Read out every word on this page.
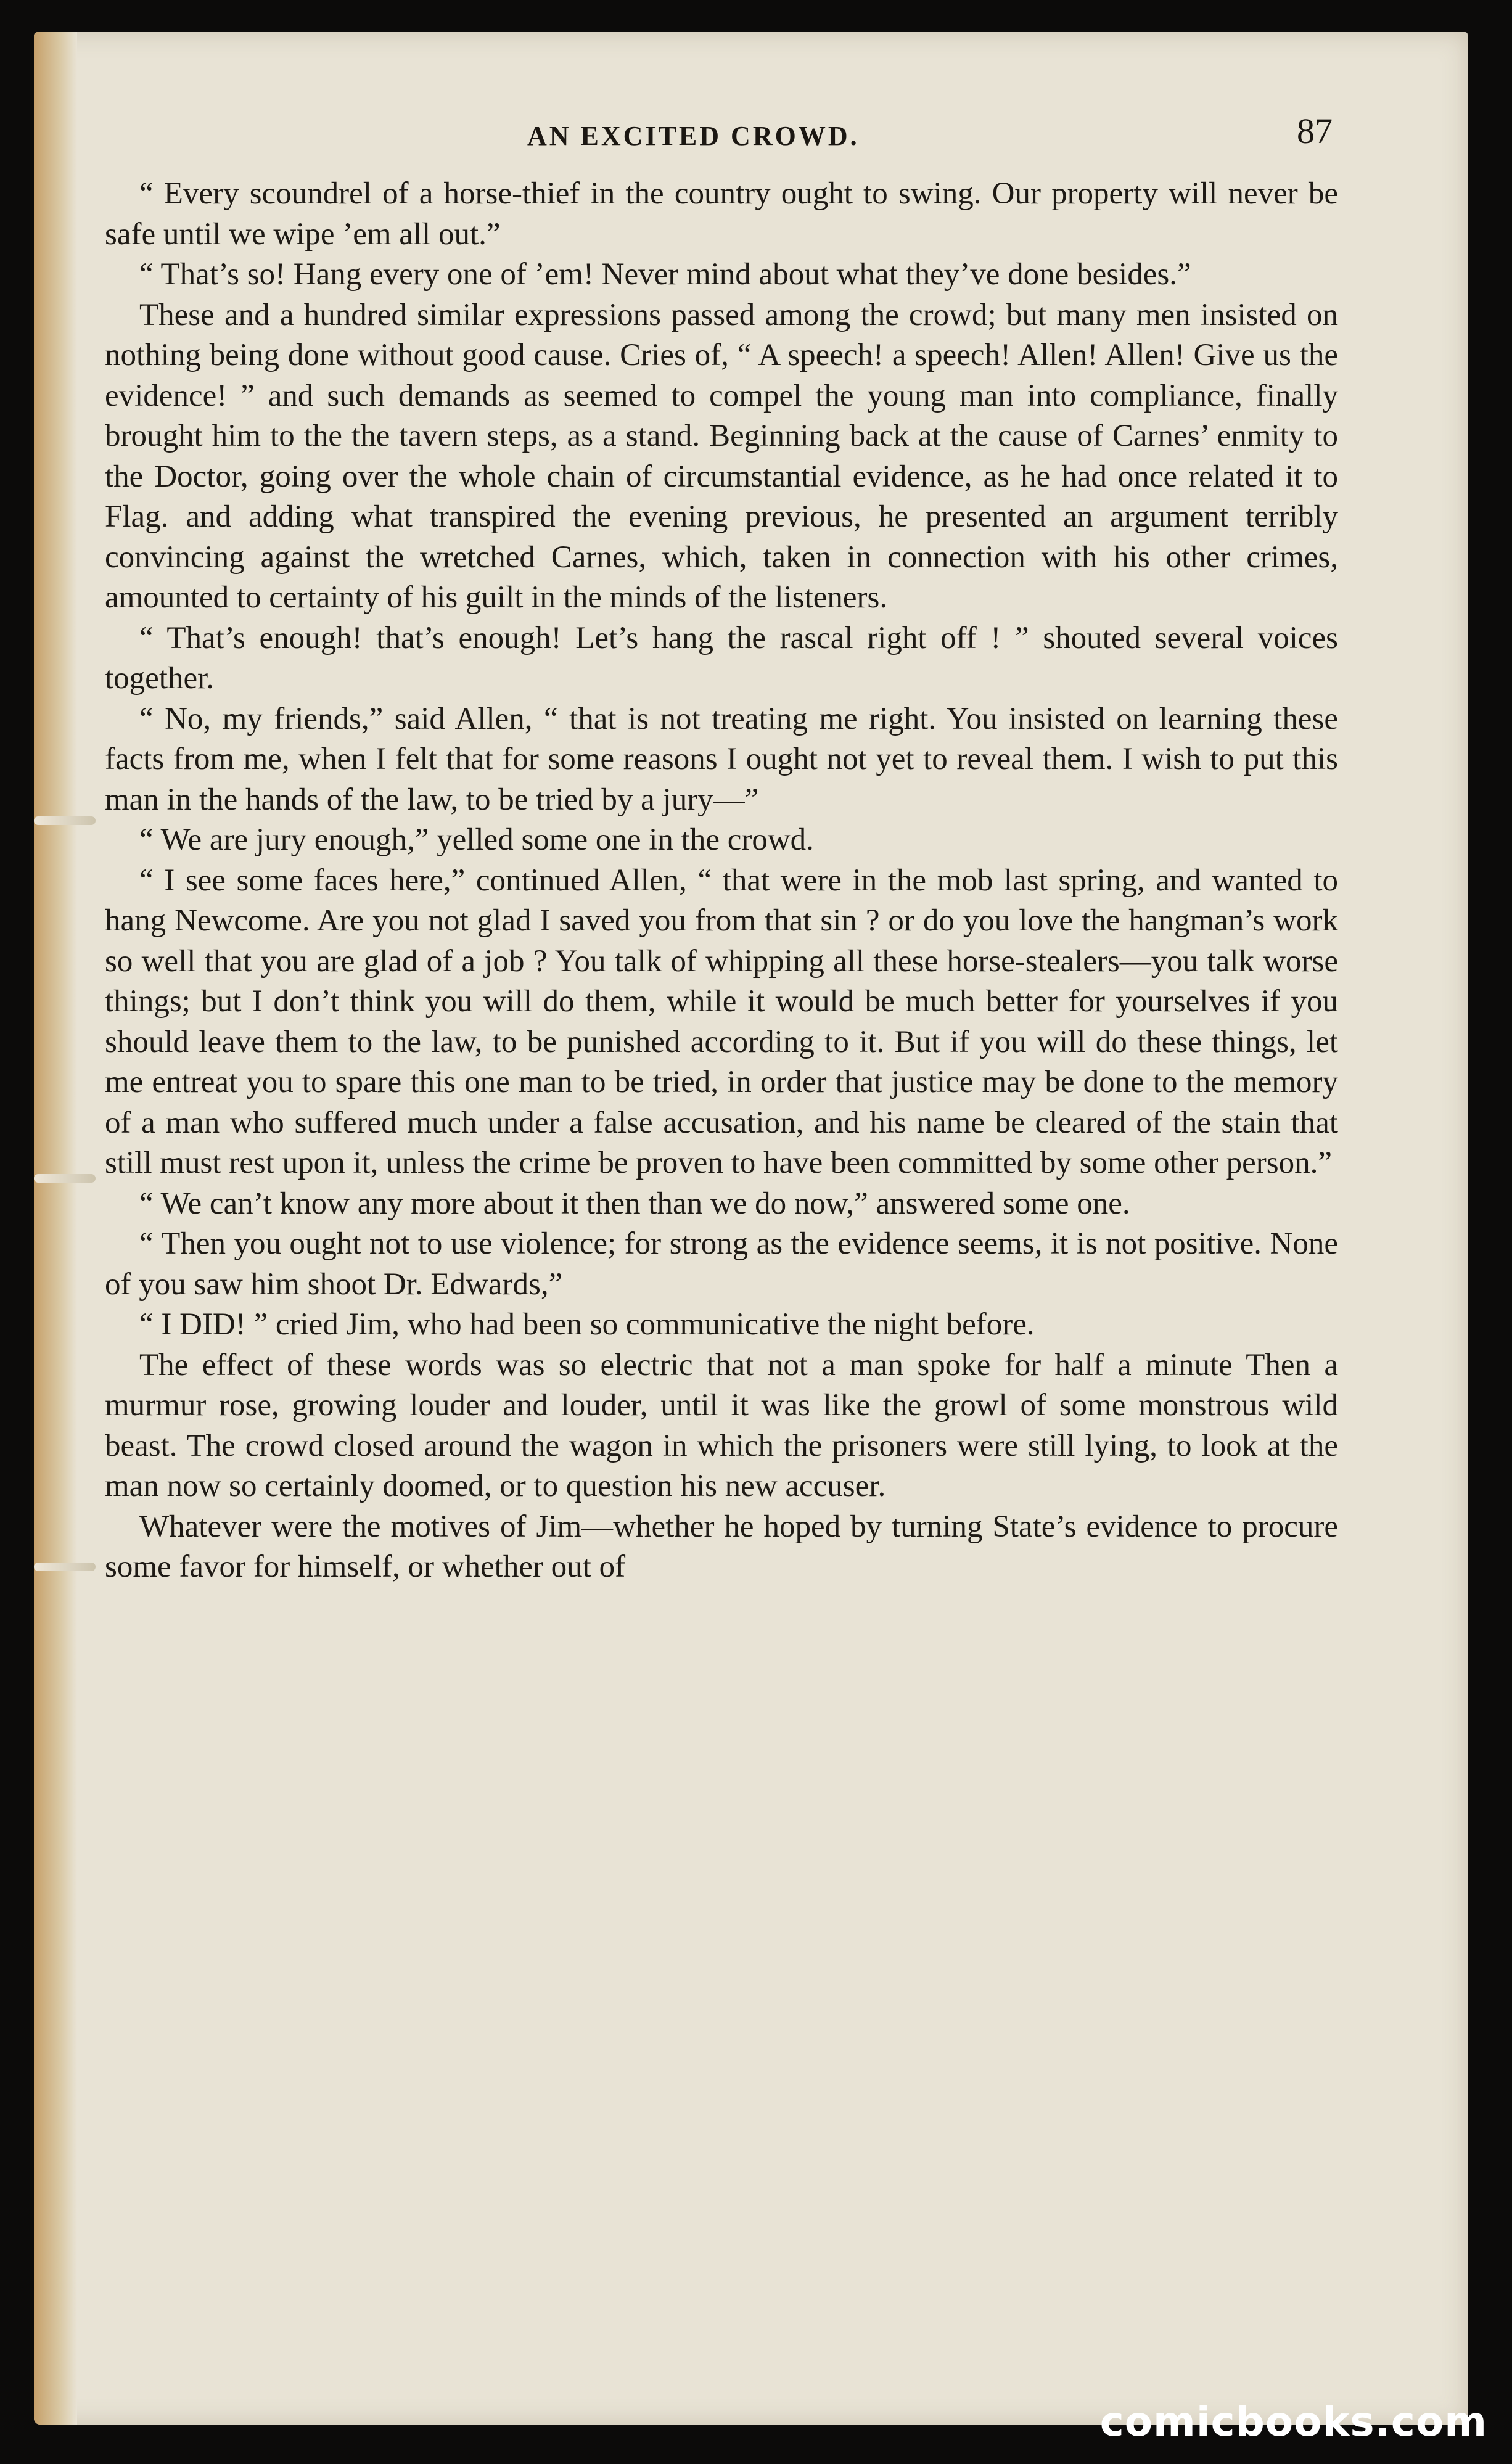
AN EXCITED CROWD.	87

“ Every scoundrel of a horse-thief in the country ought to swing. Our property will never be safe until we wipe ’em all out.”

“ That’s so! Hang every one of ’em! Never mind about what they’ve done besides.”

These and a hundred similar expressions passed among the crowd; but many men insisted on nothing being done without good cause. Cries of, “ A speech! a speech! Allen! Allen! Give us the evidence! ” and such demands as seemed to compel the young man into compliance, finally brought him to the the tavern steps, as a stand. Beginning back at the cause of Carnes’ enmity to the Doctor, going over the whole chain of circumstantial evidence, as he had once related it to Flag. and adding what transpired the evening previous, he presented an argument terribly convincing against the wretched Carnes, which, taken in connection with his other crimes, amounted to certainty of his guilt in the minds of the listeners.

“ That’s enough! that’s enough! Let’s hang the rascal right off ! ” shouted several voices together.

“ No, my friends,” said Allen, “ that is not treating me right. You insisted on learning these facts from me, when I felt that for some reasons I ought not yet to reveal them. I wish to put this man in the hands of the law, to be tried by a jury—”

“ We are jury enough,” yelled some one in the crowd.

“ I see some faces here,” continued Allen, “ that were in the mob last spring, and wanted to hang Newcome. Are you not glad I saved you from that sin ? or do you love the hangman’s work so well that you are glad of a job ? You talk of whipping all these horse-stealers—you talk worse things; but I don’t think you will do them, while it would be much better for yourselves if you should leave them to the law, to be punished according to it. But if you will do these things, let me entreat you to spare this one man to be tried, in order that justice may be done to the memory of a man who suffered much under a false accusation, and his name be cleared of the stain that still must rest upon it, unless the crime be proven to have been committed by some other person.”

“ We can’t know any more about it then than we do now,” answered some one.

“ Then you ought not to use violence; for strong as the evidence seems, it is not positive. None of you saw him shoot Dr. Edwards,”

“ I DID! ” cried Jim, who had been so communicative the night before.

The effect of these words was so electric that not a man spoke for half a minute Then a murmur rose, growing louder and louder, until it was like the growl of some monstrous wild beast. The crowd closed around the wagon in which the prisoners were still lying, to look at the man now so certainly doomed, or to question his new accuser.

Whatever were the motives of Jim—whether he hoped by turning State’s evidence to procure some favor for himself, or whether out of

comicbooks.com
